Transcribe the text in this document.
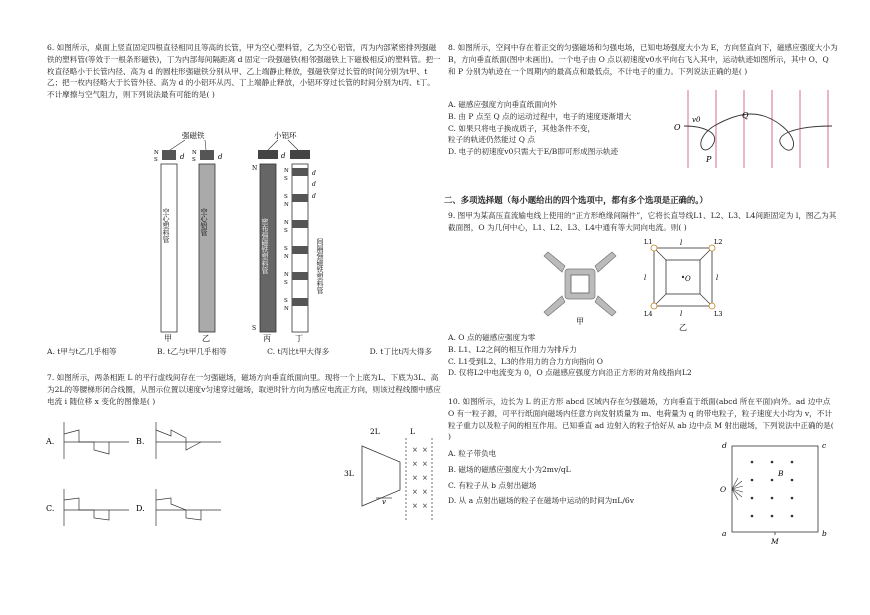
6. 如图所示，桌面上竖直固定四根直径相同且等高的长管，甲为空心塑料管，乙为空心铝管，丙为内部紧密排列强磁铁的塑料管(等效于一根条形磁铁)，丁为内部每间隔距离 d 固定一段强磁铁(相邻强磁铁上下磁极相反)的塑料管。把一枚直径略小于长管内径、高为 d 的圆柱形强磁铁分别从甲、乙上端静止释放，强磁铁穿过长管的时间分别为t甲、t乙；把一枚内径略大于长管外径、高为 d 的小铝环从丙、丁上端静止释放，小铝环穿过长管的时间分别为t丙、t丁。不计摩擦与空气阻力，则下列说法最有可能的是( )
强磁铁	小铝环
N
S	d N
S	d	d
空心塑料管	空心铝管
N
S
密布强磁铁塑料管
N
S
S
N
N
S
S
N
N
S
S
N
d
d
d
间隔强磁铁塑料管
甲	乙	丙	丁
A. t甲与t乙几乎相等	B. t乙与t甲几乎相等	C. t丙比t甲大得多	D. t丁比t丙大得多
7. 如图所示，两条相距 L 的平行虚线间存在一匀强磁场，磁场方向垂直纸面向里。现将一个上底为L、下底为3L、高为2L的等腰梯形闭合线圈，从图示位置以速度v匀速穿过磁场，取逆时针方向为感应电流正方向，则该过程线圈中感应电流 i 随位移 x 变化的图像是( )
A.	B.
C.	D.
2L	L
3L
× ×
× ×
× ×
× ×
× ×
v
8. 如图所示，空间中存在着正交的匀强磁场和匀强电场，已知电场强度大小为 E，方向竖直向下，磁感应强度大小为 B，方向垂直纸面(图中未画出)。一个电子由 O 点以初速度v0水平向右飞入其中，运动轨迹如图所示，其中 O、Q 和 P 分别为轨迹在一个周期内的最高点和最低点，不计电子的重力。下列说法正确的是( )
A. 磁感应强度方向垂直纸面向外
B. 由 P 点至 Q 点的运动过程中，电子的速度逐渐增大
C. 如果只将电子换成质子，其他条件不变，
粒子的轨迹仍然能过 Q 点
D. 电子的初速度v0只需大于E/B即可形成图示轨迹
O
Q
P
v0
二、多项选择题（每小题给出的四个选项中，都有多个选项是正确的。）
9. 图甲为某高压直流输电线上使用的“正方形绝缘间隔件”，它将长直导线L1、L2、L3、L4间距固定为 l，图乙为其截面图，O 为几何中心，L1、L2、L3、L4中通有等大同向电流。则( )
甲
O
l
l	l
l
L1	L2
L3
L4
乙
A. O 点的磁感应强度为零
B. L1、L2之间的相互作用力为排斥力
C. L1受到L2、L3的作用力的合力方向指向 O
D. 仅将L2中电流变为 0，O 点磁感应强度方向沿正方形的对角线指向L2
10. 如图所示，边长为 L 的正方形 abcd 区域内存在匀强磁场，方向垂直于纸面(abcd 所在平面)向外。ad 边中点 O 有一粒子源，可平行纸面向磁场内任意方向发射质量为 m、电荷量为 q 的带电粒子，粒子速度大小均为 v，不计粒子重力以及粒子间的相互作用。已知垂直 ad 边射入的粒子恰好从 ab 边中点 M 射出磁场，下列说法中正确的是( )
A. 粒子带负电
B. 磁场的磁感应强度大小为2mv/qL
C. 有粒子从 b 点射出磁场
D. 从 a 点射出磁场的粒子在磁场中运动的时间为πL/6v
d	c
a	b
O
M
B
